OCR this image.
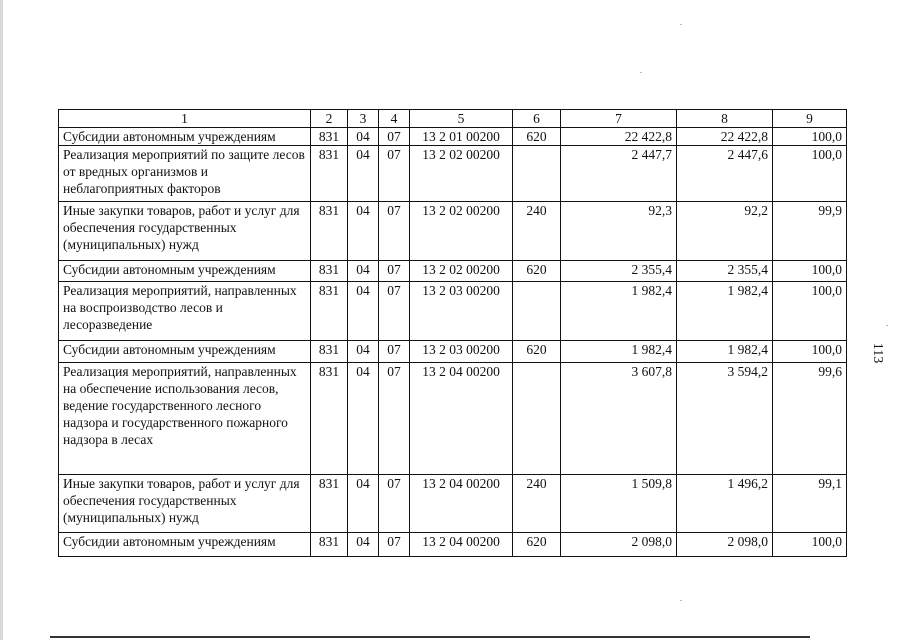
1	2	3	4	5	6	7	8	9
Субсидии автономным учреждениям	831	04	07	13 2 01 00200	620	22 422,8	22 422,8	100,0
Реализация мероприятий по защите лесов от вредных организмов и неблагоприятных факторов	831	04	07	13 2 02 00200		2 447,7	2 447,6	100,0
Иные закупки товаров, работ и услуг для обеспечения государственных (муниципальных) нужд	831	04	07	13 2 02 00200	240	92,3	92,2	99,9
Субсидии автономным учреждениям	831	04	07	13 2 02 00200	620	2 355,4	2 355,4	100,0
Реализация мероприятий, направленных на воспроизводство лесов и лесоразведение	831	04	07	13 2 03 00200		1 982,4	1 982,4	100,0
Субсидии автономным учреждениям	831	04	07	13 2 03 00200	620	1 982,4	1 982,4	100,0
Реализация мероприятий, направленных на обеспечение использования лесов, ведение государственного лесного надзора и государственного пожарного надзора в лесах	831	04	07	13 2 04 00200		3 607,8	3 594,2	99,6
Иные закупки товаров, работ и услуг для обеспечения государственных (муниципальных) нужд	831	04	07	13 2 04 00200	240	1 509,8	1 496,2	99,1
Субсидии автономным учреждениям	831	04	07	13 2 04 00200	620	2 098,0	2 098,0	100,0
113
